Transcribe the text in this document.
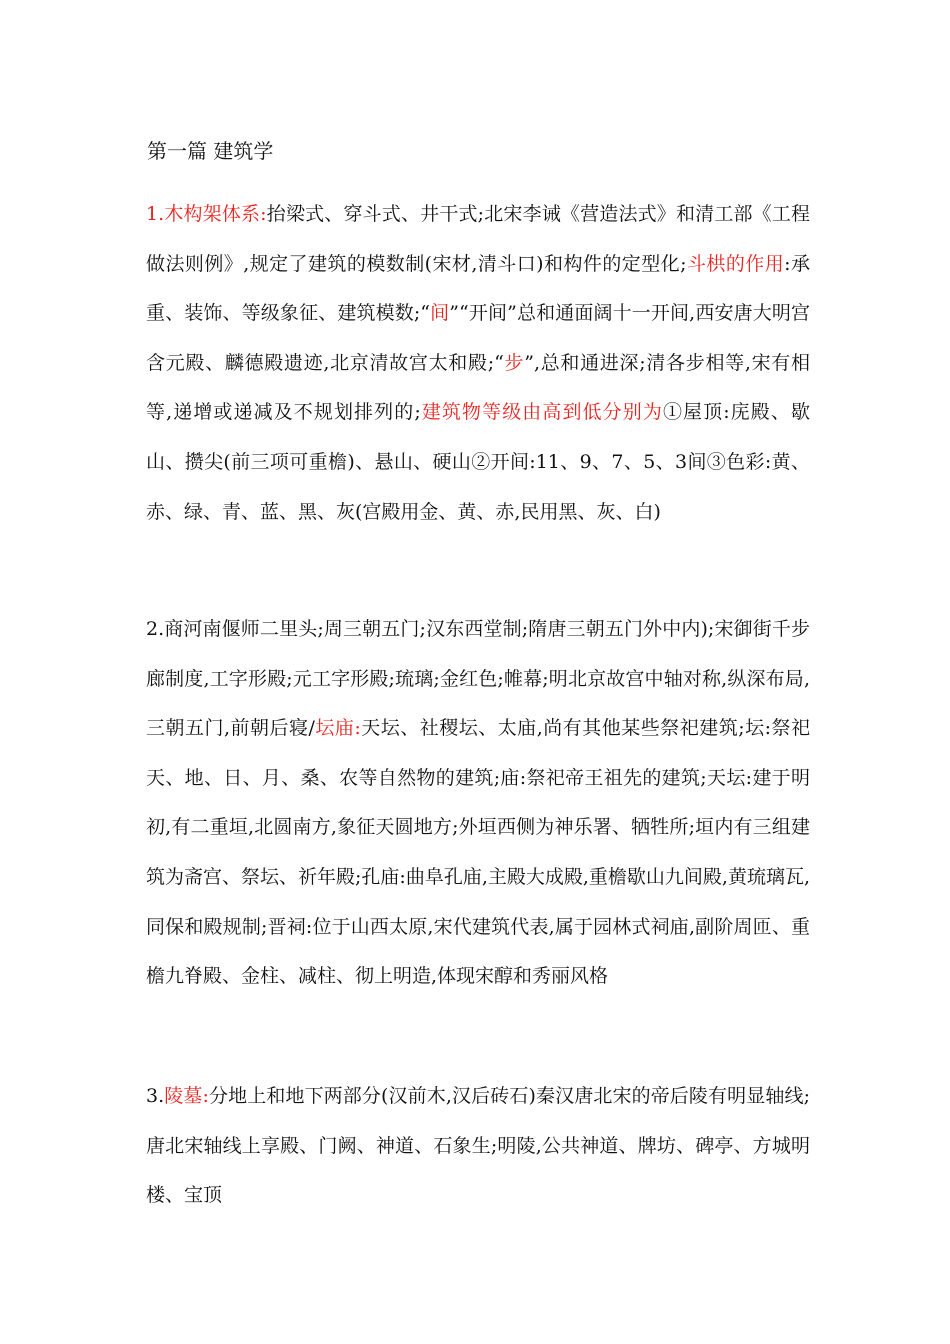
第一篇 建筑学
1.木构架体系:抬梁式、穿斗式、井干式;北宋李诫《营造法式》和清工部《工程做法则例》,规定了建筑的模数制(宋材,清斗口)和构件的定型化;斗栱的作用:承重、装饰、等级象征、建筑模数;“间”“开间”总和通面阔十一开间,西安唐大明宫含元殿、麟德殿遗迹,北京清故宫太和殿;“步”,总和通进深;清各步相等,宋有相等,递增或递减及不规划排列的;建筑物等级由高到低分别为①屋顶:庑殿、歇山、攒尖(前三项可重檐)、悬山、硬山②开间:11、9、7、5、3间③色彩:黄、赤、绿、青、蓝、黑、灰(宫殿用金、黄、赤,民用黑、灰、白)
2.商河南偃师二里头;周三朝五门;汉东西堂制;隋唐三朝五门外中内);宋御街千步廊制度,工字形殿;元工字形殿;琉璃;金红色;帷幕;明北京故宫中轴对称,纵深布局,三朝五门,前朝后寝/坛庙:天坛、社稷坛、太庙,尚有其他某些祭祀建筑;坛:祭祀天、地、日、月、桑、农等自然物的建筑;庙:祭祀帝王祖先的建筑;天坛:建于明初,有二重垣,北圆南方,象征天圆地方;外垣西侧为神乐署、牺牲所;垣内有三组建筑为斋宫、祭坛、祈年殿;孔庙:曲阜孔庙,主殿大成殿,重檐歇山九间殿,黄琉璃瓦,同保和殿规制;晋祠:位于山西太原,宋代建筑代表,属于园林式祠庙,副阶周匝、重檐九脊殿、金柱、减柱、彻上明造,体现宋醇和秀丽风格
3.陵墓:分地上和地下两部分(汉前木,汉后砖石)秦汉唐北宋的帝后陵有明显轴线;唐北宋轴线上享殿、门阙、神道、石象生;明陵,公共神道、牌坊、碑亭、方城明楼、宝顶
